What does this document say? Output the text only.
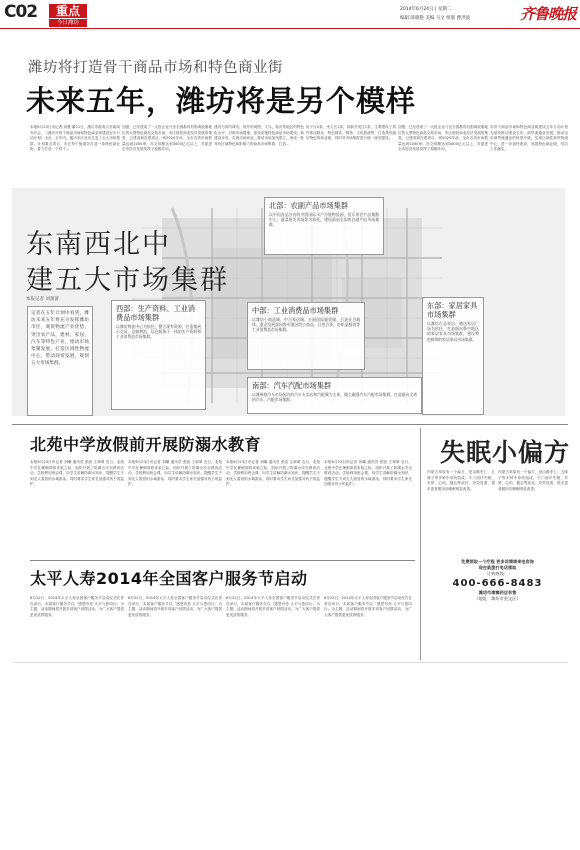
C02	重点
今日潍坊
2014年6月24日 | 星期二
编辑 薛晓艳 美编 马文 组版 曹洪波	齐鲁晚报
潍坊将打造骨干商品市场和特色商业街
未来五年，潍坊将是另个模样
本报6月23日讯记者 刘蕾 董21日，潍坊市政府召开新闻发布会，《潍坊市骨干商品市场和特色商业街建设五年行动计划》出台，五年内，潍坊市区北出打造了五大市场集群，计划重点项目，市区每个街道各打造一条特色商业街，着力打造一个骨干...
加强，已经建成了一大批企业乃至全国都具有影响较重地位的大型特色商品交易市场，市区便民商业经济发展的集骨，已建成和在建项目，到2020年前，全市各类市场数量达到1000家，年交易额达到3000亿元以上，对促进全市经济发展发挥了积极作用。
建设与省内城市，省外的周围，义乌，临沂等地区的特色化水平，对照市场提速、加快实施特色商品市场建设，新建设步伐，实现市场商业，推动市场加快建立，形成一批具有区域特色和影响力的商品市场集群，打造...
协于区2条，坐文区1条，高新开发区1条，主要建设了着你休闲娱乐，特色餐饮，购物，文化旅游等，打造具有潍坊特色的商业街，同时对市场集群进行统一规划建设。
加强，已经建成了一大批企业乃至全国都具有影响较重地位的大型特色商品交易市场，市区便民商业经济发展的集骨，已建成和在建项目，到2020年前，全市各类市场数量达到1000家，年交易额达到3000亿元以上，对促进全市经济发展发挥了积极作用。
市骨干商品市场和特色商业街建设五年行动计划为加快推动建设五年，商贸流通业发展，推动全市商贸流通业的转型升级，实现区域性商贸物流中心，进一步加快建设，发展特色商业街，结合工作落实。
东南西北中
建五大市场集群
本报记者 刘蕾蕾
记者在五年计划中看到，潍坊未来五年将充分发挥潍坊市区，商贸物流产业优势，突出农产品，建材，家居，汽车等特色产业，推动市场集聚发展，打造区域性物流中心，带动商贸发展，规划五大市场集群。
北部：农副产品市场集群
以中国食品谷内的中凯国际水产冷链物流园，恒乐果农产品集散中心、蔬菜批发市场等为依托，建设面向全国的农副产品市场集群。
西部：生产资料、工业消费品市场集群
以潍坊物流中心为依托，整合现有资源，打造集展示交易、仓储物流、信息服务于一体的生产资料和工业消费品市场集群。
中部：工业消费品市场集群
以潍坊小商品城、中百家居城、万丽国际服装城、百货业为载体，重点发展面向鲁中地区的小商品、日用百货、纺织品服装等工业消费品市场集群。
东部：家居家具市场集群
以潍坊百益家居、德达家居广场为依托，打造面向鲁中地区的家居家具市场集群，建设特色鲜明的家居家具市场集群。
南部：汽车汽配市场集群
以潍州路汽车市场园内的汽车专卖店和汽配城为主体，做大做强汽车汽配市场集群，打造面向全省的汽车、汽配市场集群。
北苑中学放假前开展防溺水教育
本报6月23日讯记者 刘曦 通讯员 张凯 王翠翠 近日，北苑中学在暑假即将来临之际，组织开展了防溺水安全教育活动，学校利用班会课，向学生讲解防溺水知识，提醒学生不到无人看管的水域游泳，同时要求学生家长加强对孩子的监护。
本报6月23日讯记者 刘曦 通讯员 张凯 王翠翠 近日，北苑中学在暑假即将来临之际，组织开展了防溺水安全教育活动，学校利用班会课，向学生讲解防溺水知识，提醒学生不到无人看管的水域游泳，同时要求学生家长加强对孩子的监护。
本报6月23日讯记者 刘曦 通讯员 张凯 王翠翠 近日，北苑中学在暑假即将来临之际，组织开展了防溺水安全教育活动，学校利用班会课，向学生讲解防溺水知识，提醒学生不到无人看管的水域游泳，同时要求学生家长加强对孩子的监护。
本报6月23日讯记者 刘曦 通讯员 张凯 王翠翠 近日，北苑中学在暑假即将来临之际，组织开展了防溺水安全教育活动，学校利用班会课，向学生讲解防溺水知识，提醒学生不到无人看管的水域游泳，同时要求学生家长加强对孩子的监护。
太平人寿2014年全国客户服务节启动
6月22日，2014年太平人寿全国客户服务节启动仪式在青岛举行，本届客户服务节以「感恩有你 太平与您同行」为主题，活动期间将开展多项客户回馈活动，为广大客户提供更优质的服务。
6月22日，2014年太平人寿全国客户服务节启动仪式在青岛举行，本届客户服务节以「感恩有你 太平与您同行」为主题，活动期间将开展多项客户回馈活动，为广大客户提供更优质的服务。
6月22日，2014年太平人寿全国客户服务节启动仪式在青岛举行，本届客户服务节以「感恩有你 太平与您同行」为主题，活动期间将开展多项客户回馈活动，为广大客户提供更优质的服务。
6月22日，2014年太平人寿全国客户服务节启动仪式在青岛举行，本届客户服务节以「感恩有你 太平与您同行」为主题，活动期间将开展多项客户回馈活动，为广大客户提供更优质的服务。
失眠小偏方
内蒙古草原有一个偏方，是由酸枣仁、五味子等多种中草药组成，专门治疗失眠、多梦、心烦、健忘等症状，疗效显著，很多患者服用后睡眠明显改善。
内蒙古草原有一个偏方，是由酸枣仁、五味子等多种中草药组成，专门治疗失眠、多梦、心烦、健忘等症状，疗效显著，很多患者服用后睡眠明显改善。
免费领取一个疗程 更多详情请来电咨询
现在就拨打电话领取
订购热线：
400-666-8483
潍坊市康寨药店有售
（地址：潍坊市奎文区）
